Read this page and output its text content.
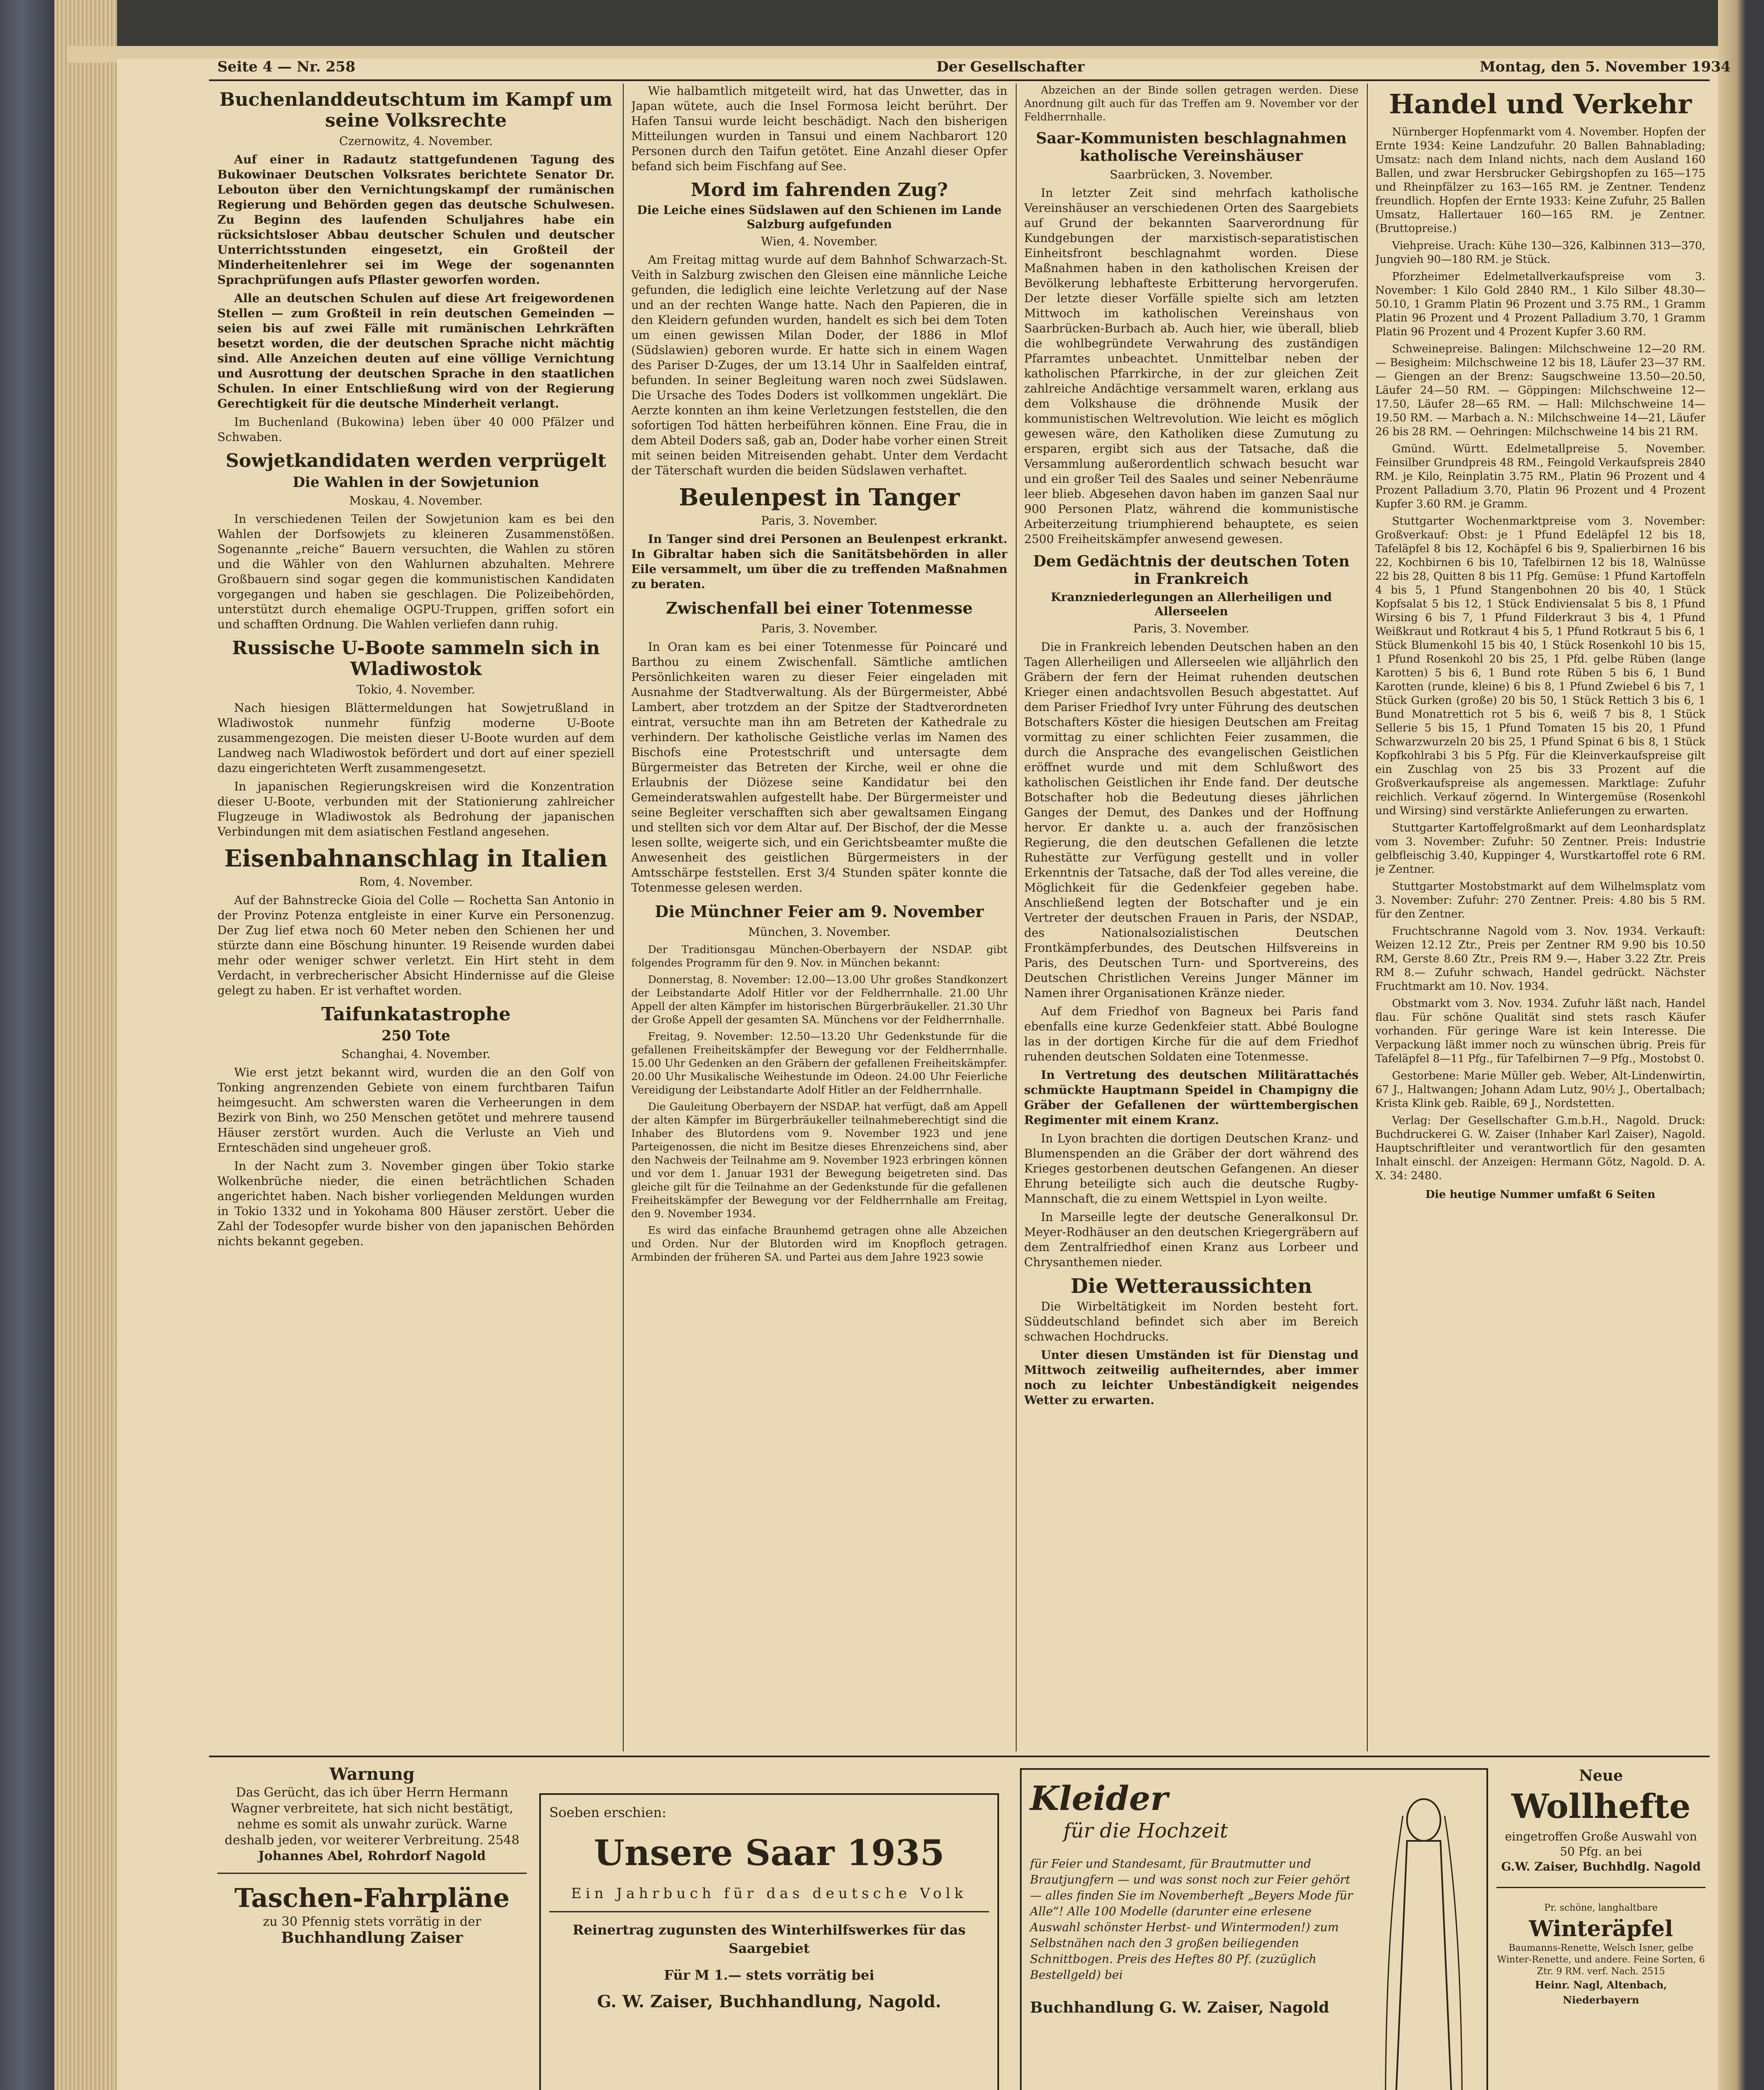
Seite 4 — Nr. 258	Der Gesellschafter	Montag, den 5. November 1934
Buchenlanddeutschtum im Kampf um seine Volksrechte
Czernowitz, 4. November.

Auf einer in Radautz stattgefundenen Tagung des Bukowinaer Deutschen Volksrates berichtete Senator Dr. Lebouton über den Vernichtungskampf der rumänischen Regierung und Behörden gegen das deutsche Schulwesen. Zu Beginn des laufenden Schuljahres habe ein rücksichtsloser Abbau deutscher Schulen und deutscher Unterrichtsstunden eingesetzt, ein Großteil der Minderheitenlehrer sei im Wege der sogenannten Sprachprüfungen aufs Pflaster geworfen worden.

Alle an deutschen Schulen auf diese Art freigewordenen Stellen — zum Großteil in rein deutschen Gemeinden — seien bis auf zwei Fälle mit rumänischen Lehrkräften besetzt worden, die der deutschen Sprache nicht mächtig sind. Alle Anzeichen deuten auf eine völlige Vernichtung und Ausrottung der deutschen Sprache in den staatlichen Schulen. In einer Entschließung wird von der Regierung Gerechtigkeit für die deutsche Minderheit verlangt.

Im Buchenland (Bukowina) leben über 40 000 Pfälzer und Schwaben.

Sowjetkandidaten werden verprügelt
Die Wahlen in der Sowjetunion
Moskau, 4. November.

In verschiedenen Teilen der Sowjetunion kam es bei den Wahlen der Dorfsowjets zu kleineren Zusammenstößen. Sogenannte „reiche“ Bauern versuchten, die Wahlen zu stören und die Wähler von den Wahlurnen abzuhalten. Mehrere Großbauern sind sogar gegen die kommunistischen Kandidaten vorgegangen und haben sie geschlagen. Die Polizeibehörden, unterstützt durch ehemalige OGPU-Truppen, griffen sofort ein und schafften Ordnung. Die Wahlen verliefen dann ruhig.

Russische U-Boote sammeln sich in Wladiwostok
Tokio, 4. November.

Nach hiesigen Blättermeldungen hat Sowjetrußland in Wladiwostok nunmehr fünfzig moderne U-Boote zusammengezogen. Die meisten dieser U-Boote wurden auf dem Landweg nach Wladiwostok befördert und dort auf einer speziell dazu eingerichteten Werft zusammengesetzt.

In japanischen Regierungskreisen wird die Konzentration dieser U-Boote, verbunden mit der Stationierung zahlreicher Flugzeuge in Wladiwostok als Bedrohung der japanischen Verbindungen mit dem asiatischen Festland angesehen.

Eisenbahnanschlag in Italien
Rom, 4. November.

Auf der Bahnstrecke Gioia del Colle — Rochetta San Antonio in der Provinz Potenza entgleiste in einer Kurve ein Personenzug. Der Zug lief etwa noch 60 Meter neben den Schienen her und stürzte dann eine Böschung hinunter. 19 Reisende wurden dabei mehr oder weniger schwer verletzt. Ein Hirt steht in dem Verdacht, in verbrecherischer Absicht Hindernisse auf die Gleise gelegt zu haben. Er ist verhaftet worden.

Taifunkatastrophe
250 Tote
Schanghai, 4. November.

Wie erst jetzt bekannt wird, wurden die an den Golf von Tonking angrenzenden Gebiete von einem furchtbaren Taifun heimgesucht. Am schwersten waren die Verheerungen in dem Bezirk von Binh, wo 250 Menschen getötet und mehrere tausend Häuser zerstört wurden. Auch die Verluste an Vieh und Ernteschäden sind ungeheuer groß.

In der Nacht zum 3. November gingen über Tokio starke Wolkenbrüche nieder, die einen beträchtlichen Schaden angerichtet haben. Nach bisher vorliegenden Meldungen wurden in Tokio 1332 und in Yokohama 800 Häuser zerstört. Ueber die Zahl der Todesopfer wurde bisher von den japanischen Behörden nichts bekannt gegeben.

Wie halbamtlich mitgeteilt wird, hat das Unwetter, das in Japan wütete, auch die Insel Formosa leicht berührt. Der Hafen Tansui wurde leicht beschädigt. Nach den bisherigen Mitteilungen wurden in Tansui und einem Nachbarort 120 Personen durch den Taifun getötet. Eine Anzahl dieser Opfer befand sich beim Fischfang auf See.

Mord im fahrenden Zug?
Die Leiche eines Südslawen auf den Schienen im Lande Salzburg aufgefunden
Wien, 4. November.

Am Freitag mittag wurde auf dem Bahnhof Schwarzach-St. Veith in Salzburg zwischen den Gleisen eine männliche Leiche gefunden, die lediglich eine leichte Verletzung auf der Nase und an der rechten Wange hatte. Nach den Papieren, die in den Kleidern gefunden wurden, handelt es sich bei dem Toten um einen gewissen Milan Doder, der 1886 in Mlof (Südslawien) geboren wurde. Er hatte sich in einem Wagen des Pariser D-Zuges, der um 13.14 Uhr in Saalfelden eintraf, befunden. In seiner Begleitung waren noch zwei Südslawen. Die Ursache des Todes Doders ist vollkommen ungeklärt. Die Aerzte konnten an ihm keine Verletzungen feststellen, die den sofortigen Tod hätten herbeiführen können. Eine Frau, die in dem Abteil Doders saß, gab an, Doder habe vorher einen Streit mit seinen beiden Mitreisenden gehabt. Unter dem Verdacht der Täterschaft wurden die beiden Südslawen verhaftet.

Beulenpest in Tanger
Paris, 3. November.

In Tanger sind drei Personen an Beulenpest erkrankt. In Gibraltar haben sich die Sanitätsbehörden in aller Eile versammelt, um über die zu treffenden Maßnahmen zu beraten.

Zwischenfall bei einer Totenmesse
Paris, 3. November.

In Oran kam es bei einer Totenmesse für Poincaré und Barthou zu einem Zwischenfall. Sämtliche amtlichen Persönlichkeiten waren zu dieser Feier eingeladen mit Ausnahme der Stadtverwaltung. Als der Bürgermeister, Abbé Lambert, aber trotzdem an der Spitze der Stadtverordneten eintrat, versuchte man ihn am Betreten der Kathedrale zu verhindern. Der katholische Geistliche verlas im Namen des Bischofs eine Protestschrift und untersagte dem Bürgermeister das Betreten der Kirche, weil er ohne die Erlaubnis der Diözese seine Kandidatur bei den Gemeinderatswahlen aufgestellt habe. Der Bürgermeister und seine Begleiter verschafften sich aber gewaltsamen Eingang und stellten sich vor dem Altar auf. Der Bischof, der die Messe lesen sollte, weigerte sich, und ein Gerichtsbeamter mußte die Anwesenheit des geistlichen Bürgermeisters in der Amtsschärpe feststellen. Erst 3/4 Stunden später konnte die Totenmesse gelesen werden.

Die Münchner Feier am 9. November
München, 3. November.

Der Traditionsgau München-Oberbayern der NSDAP. gibt folgendes Programm für den 9. Nov. in München bekannt:

Donnerstag, 8. November: 12.00—13.00 Uhr großes Standkonzert der Leibstandarte Adolf Hitler vor der Feldherrnhalle. 21.00 Uhr Appell der alten Kämpfer im historischen Bürgerbräukeller. 21.30 Uhr der Große Appell der gesamten SA. Münchens vor der Feldherrnhalle.

Freitag, 9. November: 12.50—13.20 Uhr Gedenkstunde für die gefallenen Freiheitskämpfer der Bewegung vor der Feldherrnhalle. 15.00 Uhr Gedenken an den Gräbern der gefallenen Freiheitskämpfer. 20.00 Uhr Musikalische Weihestunde im Odeon. 24.00 Uhr Feierliche Vereidigung der Leibstandarte Adolf Hitler an der Feldherrnhalle.

Die Gauleitung Oberbayern der NSDAP. hat verfügt, daß am Appell der alten Kämpfer im Bürgerbräukeller teilnahmeberechtigt sind die Inhaber des Blutordens vom 9. November 1923 und jene Parteigenossen, die nicht im Besitze dieses Ehrenzeichens sind, aber den Nachweis der Teilnahme am 9. November 1923 erbringen können und vor dem 1. Januar 1931 der Bewegung beigetreten sind. Das gleiche gilt für die Teilnahme an der Gedenkstunde für die gefallenen Freiheitskämpfer der Bewegung vor der Feldherrnhalle am Freitag, den 9. November 1934.

Es wird das einfache Braunhemd getragen ohne alle Abzeichen und Orden. Nur der Blutorden wird im Knopfloch getragen. Armbinden der früheren SA. und Partei aus dem Jahre 1923 sowie

Abzeichen an der Binde sollen getragen werden. Diese Anordnung gilt auch für das Treffen am 9. November vor der Feldherrnhalle.

Saar-Kommunisten beschlagnahmen katholische Vereinshäuser
Saarbrücken, 3. November.

In letzter Zeit sind mehrfach katholische Vereinshäuser an verschiedenen Orten des Saargebiets auf Grund der bekannten Saarverordnung für Kundgebungen der marxistisch-separatistischen Einheitsfront beschlagnahmt worden. Diese Maßnahmen haben in den katholischen Kreisen der Bevölkerung lebhafteste Erbitterung hervorgerufen. Der letzte dieser Vorfälle spielte sich am letzten Mittwoch im katholischen Vereinshaus von Saarbrücken-Burbach ab. Auch hier, wie überall, blieb die wohlbegründete Verwahrung des zuständigen Pfarramtes unbeachtet. Unmittelbar neben der katholischen Pfarrkirche, in der zur gleichen Zeit zahlreiche Andächtige versammelt waren, erklang aus dem Volkshause die dröhnende Musik der kommunistischen Weltrevolution. Wie leicht es möglich gewesen wäre, den Katholiken diese Zumutung zu ersparen, ergibt sich aus der Tatsache, daß die Versammlung außerordentlich schwach besucht war und ein großer Teil des Saales und seiner Nebenräume leer blieb. Abgesehen davon haben im ganzen Saal nur 900 Personen Platz, während die kommunistische Arbeiterzeitung triumphierend behauptete, es seien 2500 Freiheitskämpfer anwesend gewesen.

Dem Gedächtnis der deutschen Toten in Frankreich
Kranzniederlegungen an Allerheiligen und Allerseelen
Paris, 3. November.

Die in Frankreich lebenden Deutschen haben an den Tagen Allerheiligen und Allerseelen wie alljährlich den Gräbern der fern der Heimat ruhenden deutschen Krieger einen andachtsvollen Besuch abgestattet. Auf dem Pariser Friedhof Ivry unter Führung des deutschen Botschafters Köster die hiesigen Deutschen am Freitag vormittag zu einer schlichten Feier zusammen, die durch die Ansprache des evangelischen Geistlichen eröffnet wurde und mit dem Schlußwort des katholischen Geistlichen ihr Ende fand. Der deutsche Botschafter hob die Bedeutung dieses jährlichen Ganges der Demut, des Dankes und der Hoffnung hervor. Er dankte u. a. auch der französischen Regierung, die den deutschen Gefallenen die letzte Ruhestätte zur Verfügung gestellt und in voller Erkenntnis der Tatsache, daß der Tod alles vereine, die Möglichkeit für die Gedenkfeier gegeben habe. Anschließend legten der Botschafter und je ein Vertreter der deutschen Frauen in Paris, der NSDAP., des Nationalsozialistischen Deutschen Frontkämpferbundes, des Deutschen Hilfsvereins in Paris, des Deutschen Turn- und Sportvereins, des Deutschen Christlichen Vereins Junger Männer im Namen ihrer Organisationen Kränze nieder.

Auf dem Friedhof von Bagneux bei Paris fand ebenfalls eine kurze Gedenkfeier statt. Abbé Boulogne las in der dortigen Kirche für die auf dem Friedhof ruhenden deutschen Soldaten eine Totenmesse.

In Vertretung des deutschen Militärattachés schmückte Hauptmann Speidel in Champigny die Gräber der Gefallenen der württembergischen Regimenter mit einem Kranz.

In Lyon brachten die dortigen Deutschen Kranz- und Blumenspenden an die Gräber der dort während des Krieges gestorbenen deutschen Gefangenen. An dieser Ehrung beteiligte sich auch die deutsche Rugby-Mannschaft, die zu einem Wettspiel in Lyon weilte.

In Marseille legte der deutsche Generalkonsul Dr. Meyer-Rodhäuser an den deutschen Kriegergräbern auf dem Zentralfriedhof einen Kranz aus Lorbeer und Chrysanthemen nieder.

Die Wetteraussichten

Die Wirbeltätigkeit im Norden besteht fort. Süddeutschland befindet sich aber im Bereich schwachen Hochdrucks.

Unter diesen Umständen ist für Dienstag und Mittwoch zeitweilig aufheiterndes, aber immer noch zu leichter Unbeständigkeit neigendes Wetter zu erwarten.

Handel und Verkehr

Nürnberger Hopfenmarkt vom 4. November. Hopfen der Ernte 1934: Keine Landzufuhr. 20 Ballen Bahnablading; Umsatz: nach dem Inland nichts, nach dem Ausland 160 Ballen, und zwar Hersbrucker Gebirgshopfen zu 165—175 und Rheinpfälzer zu 163—165 RM. je Zentner. Tendenz freundlich. Hopfen der Ernte 1933: Keine Zufuhr, 25 Ballen Umsatz, Hallertauer 160—165 RM. je Zentner. (Bruttopreise.)

Viehpreise. Urach: Kühe 130—326, Kalbinnen 313—370, Jungvieh 90—180 RM. je Stück.

Pforzheimer Edelmetallverkaufspreise vom 3. November: 1 Kilo Gold 2840 RM., 1 Kilo Silber 48.30—50.10, 1 Gramm Platin 96 Prozent und 3.75 RM., 1 Gramm Platin 96 Prozent und 4 Prozent Palladium 3.70, 1 Gramm Platin 96 Prozent und 4 Prozent Kupfer 3.60 RM.

Schweinepreise. Balingen: Milchschweine 12—20 RM. — Besigheim: Milchschweine 12 bis 18, Läufer 23—37 RM. — Giengen an der Brenz: Saugschweine 13.50—20.50, Läufer 24—50 RM. — Göppingen: Milchschweine 12—17.50, Läufer 28—65 RM. — Hall: Milchschweine 14—19.50 RM. — Marbach a. N.: Milchschweine 14—21, Läufer 26 bis 28 RM. — Oehringen: Milchschweine 14 bis 21 RM.

Gmünd. Württ. Edelmetallpreise 5. November. Feinsilber Grundpreis 48 RM., Feingold Verkaufspreis 2840 RM. je Kilo, Reinplatin 3.75 RM., Platin 96 Prozent und 4 Prozent Palladium 3.70, Platin 96 Prozent und 4 Prozent Kupfer 3.60 RM. je Gramm.

Stuttgarter Wochenmarktpreise vom 3. November: Großverkauf: Obst: je 1 Pfund Edeläpfel 12 bis 18, Tafeläpfel 8 bis 12, Kochäpfel 6 bis 9, Spalierbirnen 16 bis 22, Kochbirnen 6 bis 10, Tafelbirnen 12 bis 18, Walnüsse 22 bis 28, Quitten 8 bis 11 Pfg. Gemüse: 1 Pfund Kartoffeln 4 bis 5, 1 Pfund Stangenbohnen 20 bis 40, 1 Stück Kopfsalat 5 bis 12, 1 Stück Endiviensalat 5 bis 8, 1 Pfund Wirsing 6 bis 7, 1 Pfund Filderkraut 3 bis 4, 1 Pfund Weißkraut und Rotkraut 4 bis 5, 1 Pfund Rotkraut 5 bis 6, 1 Stück Blumenkohl 15 bis 40, 1 Stück Rosenkohl 10 bis 15, 1 Pfund Rosenkohl 20 bis 25, 1 Pfd. gelbe Rüben (lange Karotten) 5 bis 6, 1 Bund rote Rüben 5 bis 6, 1 Bund Karotten (runde, kleine) 6 bis 8, 1 Pfund Zwiebel 6 bis 7, 1 Stück Gurken (große) 20 bis 50, 1 Stück Rettich 3 bis 6, 1 Bund Monatrettich rot 5 bis 6, weiß 7 bis 8, 1 Stück Sellerie 5 bis 15, 1 Pfund Tomaten 15 bis 20, 1 Pfund Schwarzwurzeln 20 bis 25, 1 Pfund Spinat 6 bis 8, 1 Stück Kopfkohlrabi 3 bis 5 Pfg. Für die Kleinverkaufspreise gilt ein Zuschlag von 25 bis 33 Prozent auf die Großverkaufspreise als angemessen. Marktlage: Zufuhr reichlich. Verkauf zögernd. In Wintergemüse (Rosenkohl und Wirsing) sind verstärkte Anlieferungen zu erwarten.

Stuttgarter Kartoffelgroßmarkt auf dem Leonhardsplatz vom 3. November: Zufuhr: 50 Zentner. Preis: Industrie gelbfleischig 3.40, Kuppinger 4, Wurstkartoffel rote 6 RM. je Zentner.

Stuttgarter Mostobstmarkt auf dem Wilhelmsplatz vom 3. November: Zufuhr: 270 Zentner. Preis: 4.80 bis 5 RM. für den Zentner.

Fruchtschranne Nagold vom 3. Nov. 1934. Verkauft: Weizen 12.12 Ztr., Preis per Zentner RM 9.90 bis 10.50 RM, Gerste 8.60 Ztr., Preis RM 9.—, Haber 3.22 Ztr. Preis RM 8.— Zufuhr schwach, Handel gedrückt. Nächster Fruchtmarkt am 10. Nov. 1934.

Obstmarkt vom 3. Nov. 1934. Zufuhr läßt nach, Handel flau. Für schöne Qualität sind stets rasch Käufer vorhanden. Für geringe Ware ist kein Interesse. Die Verpackung läßt immer noch zu wünschen übrig. Preis für Tafeläpfel 8—11 Pfg., für Tafelbirnen 7—9 Pfg., Mostobst 0.

Gestorbene: Marie Müller geb. Weber, Alt-Lindenwirtin, 67 J., Haltwangen; Johann Adam Lutz, 90½ J., Obertalbach; Krista Klink geb. Raible, 69 J., Nordstetten.

Verlag: Der Gesellschafter G.m.b.H., Nagold. Druck: Buchdruckerei G. W. Zaiser (Inhaber Karl Zaiser), Nagold. Hauptschriftleiter und verantwortlich für den gesamten Inhalt einschl. der Anzeigen: Hermann Götz, Nagold. D. A. X. 34: 2480.

Die heutige Nummer umfaßt 6 Seiten
Warnung
Das Gerücht, das ich über Herrn Hermann Wagner verbreitete, hat sich nicht bestätigt, nehme es somit als unwahr zurück. Warne deshalb jeden, vor weiterer Verbreitung. 2548
Johannes Abel, Rohrdorf Nagold
Taschen-Fahrpläne
zu 30 Pfennig stets vorrätig in der
Buchhandlung Zaiser
Soeben erschien:
Unsere Saar 1935
Ein Jahrbuch für das deutsche Volk
Reinertrag zugunsten des Winterhilfswerkes für das Saargebiet
Für M 1.— stets vorrätig bei
G. W. Zaiser, Buchhandlung, Nagold.
Kleider
für die Hochzeit
für Feier und Standesamt, für Brautmutter und Brautjungfern — und was sonst noch zur Feier gehört — alles finden Sie im Novemberheft „Beyers Mode für Alle“! Alle 100 Modelle (darunter eine erlesene Auswahl schönster Herbst- und Wintermoden!) zum Selbstnähen nach den 3 großen beiliegenden Schnittbogen. Preis des Heftes 80 Pf. (zuzüglich Bestellgeld) bei
Buchhandlung G. W. Zaiser, Nagold
Neue
Wollhefte
eingetroffen Große Auswahl von 50 Pfg. an bei
G.W. Zaiser, Buchhdlg. Nagold
Pr. schöne, langhaltbare
Winteräpfel
Baumanns-Renette, Welsch Isner, gelbe Winter-Renette, und andere. Feine Sorten, 6 Ztr. 9 RM. verf. Nach. 2515
Heinr. Nagl, Altenbach, Niederbayern
